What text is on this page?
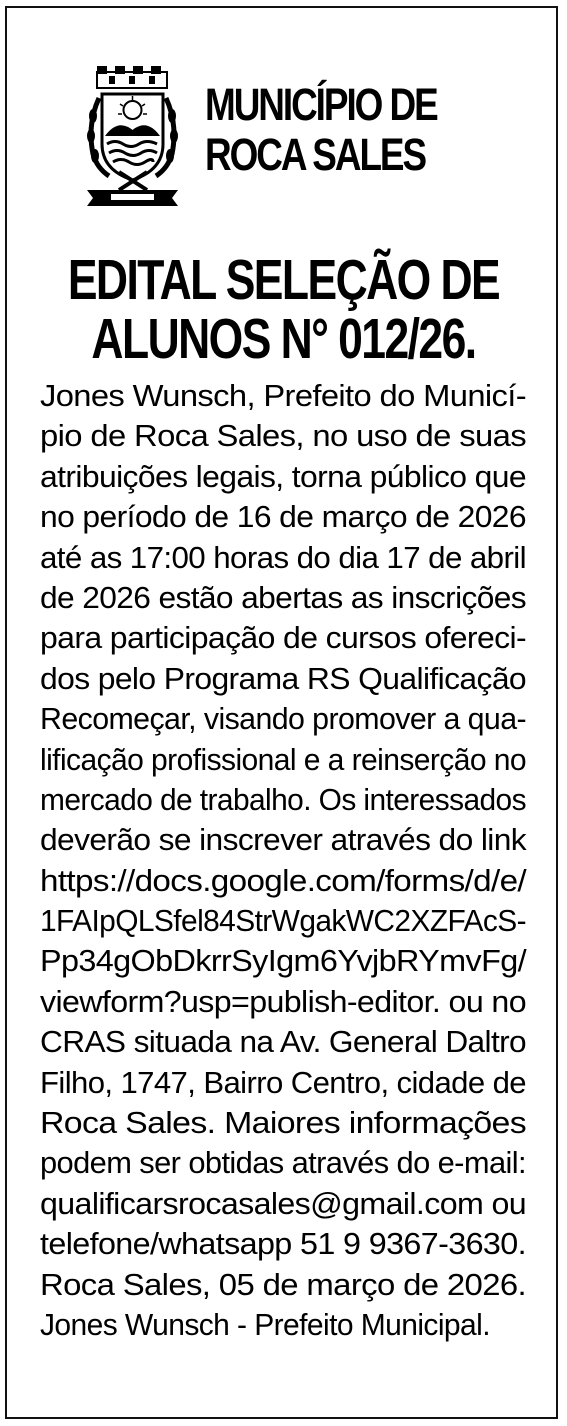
MUNICÍPIO DE
ROCA SALES
EDITAL SELEÇÃO DE
ALUNOS N° 012/26.
Jones Wunsch, Prefeito do Municí-
pio de Roca Sales, no uso de suas
atribuições legais, torna público que
no período de 16 de março de 2026
até as 17:00 horas do dia 17 de abril
de 2026 estão abertas as inscrições
para participação de cursos ofereci-
dos pelo Programa RS Qualificação
Recomeçar, visando promover a qua-
lificação profissional e a reinserção no
mercado de trabalho. Os interessados
deverão se inscrever através do link
https://docs.google.com/forms/d/e/
1FAIpQLSfel84StrWgakWC2XZFAcS-
Pp34gObDkrrSyIgm6YvjbRYmvFg/
viewform?usp=publish-editor. ou no
CRAS situada na Av. General Daltro
Filho, 1747, Bairro Centro, cidade de
Roca Sales. Maiores informações
podem ser obtidas através do e-mail:
qualificarsrocasales@gmail.com ou
telefone/whatsapp 51 9 9367-3630.
Roca Sales, 05 de março de 2026.
Jones Wunsch - Prefeito Municipal.
